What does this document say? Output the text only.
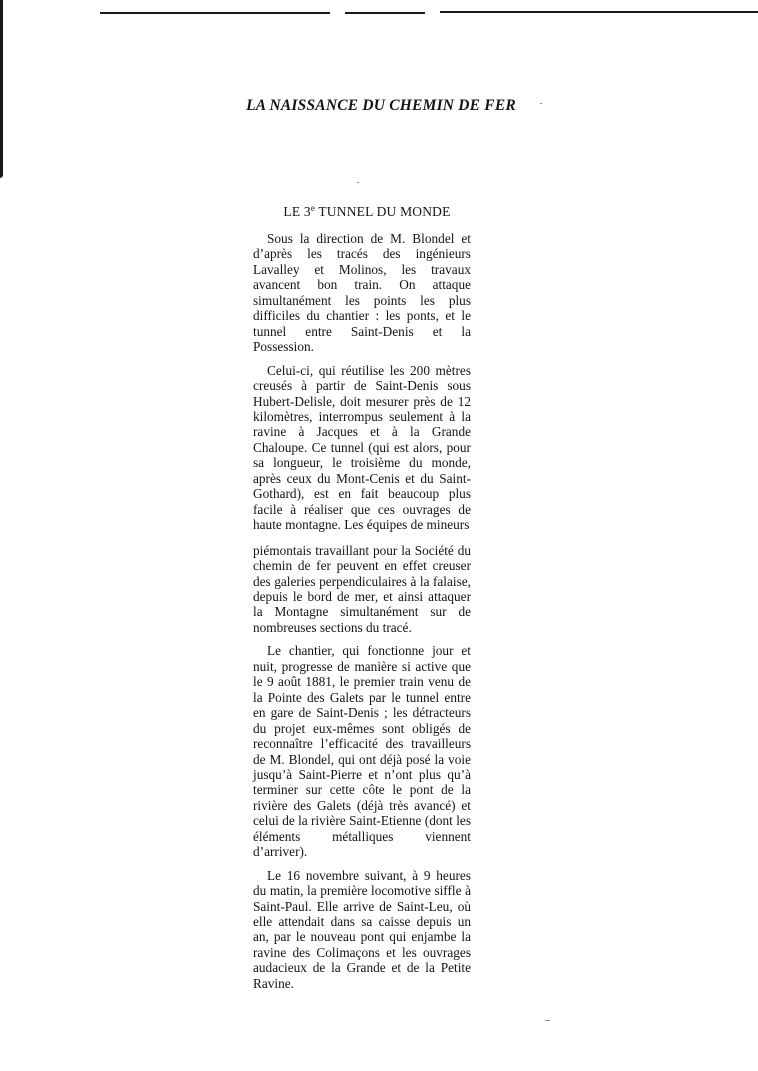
LA NAISSANCE DU CHEMIN DE FER
LE 3e TUNNEL DU MONDE

Sous la direction de M. Blondel et d’après les tracés des ingénieurs Lavalley et Molinos, les travaux avancent bon train. On attaque simultanément les points les plus difficiles du chantier : les ponts, et le tunnel entre Saint-Denis et la Possession.

Celui-ci, qui réutilise les 200 mètres creusés à partir de Saint-Denis sous Hubert-Delisle, doit mesurer près de 12 kilomètres, interrompus seulement à la ravine à Jacques et à la Grande Chaloupe. Ce tunnel (qui est alors, pour sa longueur, le troisième du monde, après ceux du Mont-Cenis et du Saint-Gothard), est en fait beaucoup plus facile à réaliser que ces ouvrages de haute montagne. Les équipes de mineurs

piémontais travaillant pour la Société du chemin de fer peuvent en effet creuser des galeries perpendiculaires à la falaise, depuis le bord de mer, et ainsi attaquer la Montagne simultanément sur de nombreuses sections du tracé.

Le chantier, qui fonctionne jour et nuit, progresse de manière si active que le 9 août 1881, le premier train venu de la Pointe des Galets par le tunnel entre en gare de Saint-Denis ; les détracteurs du projet eux-mêmes sont obligés de reconnaître l’efficacité des travailleurs de M. Blondel, qui ont déjà posé la voie jusqu’à Saint-Pierre et n’ont plus qu’à terminer sur cette côte le pont de la rivière des Galets (déjà très avancé) et celui de la rivière Saint-Etienne (dont les éléments métalliques viennent d’arriver).

Le 16 novembre suivant, à 9 heures du matin, la première locomotive siffle à Saint-Paul. Elle arrive de Saint-Leu, où elle attendait dans sa caisse depuis un an, par le nouveau pont qui enjambe la ravine des Colimaçons et les ouvrages audacieux de la Grande et de la Petite Ravine.
